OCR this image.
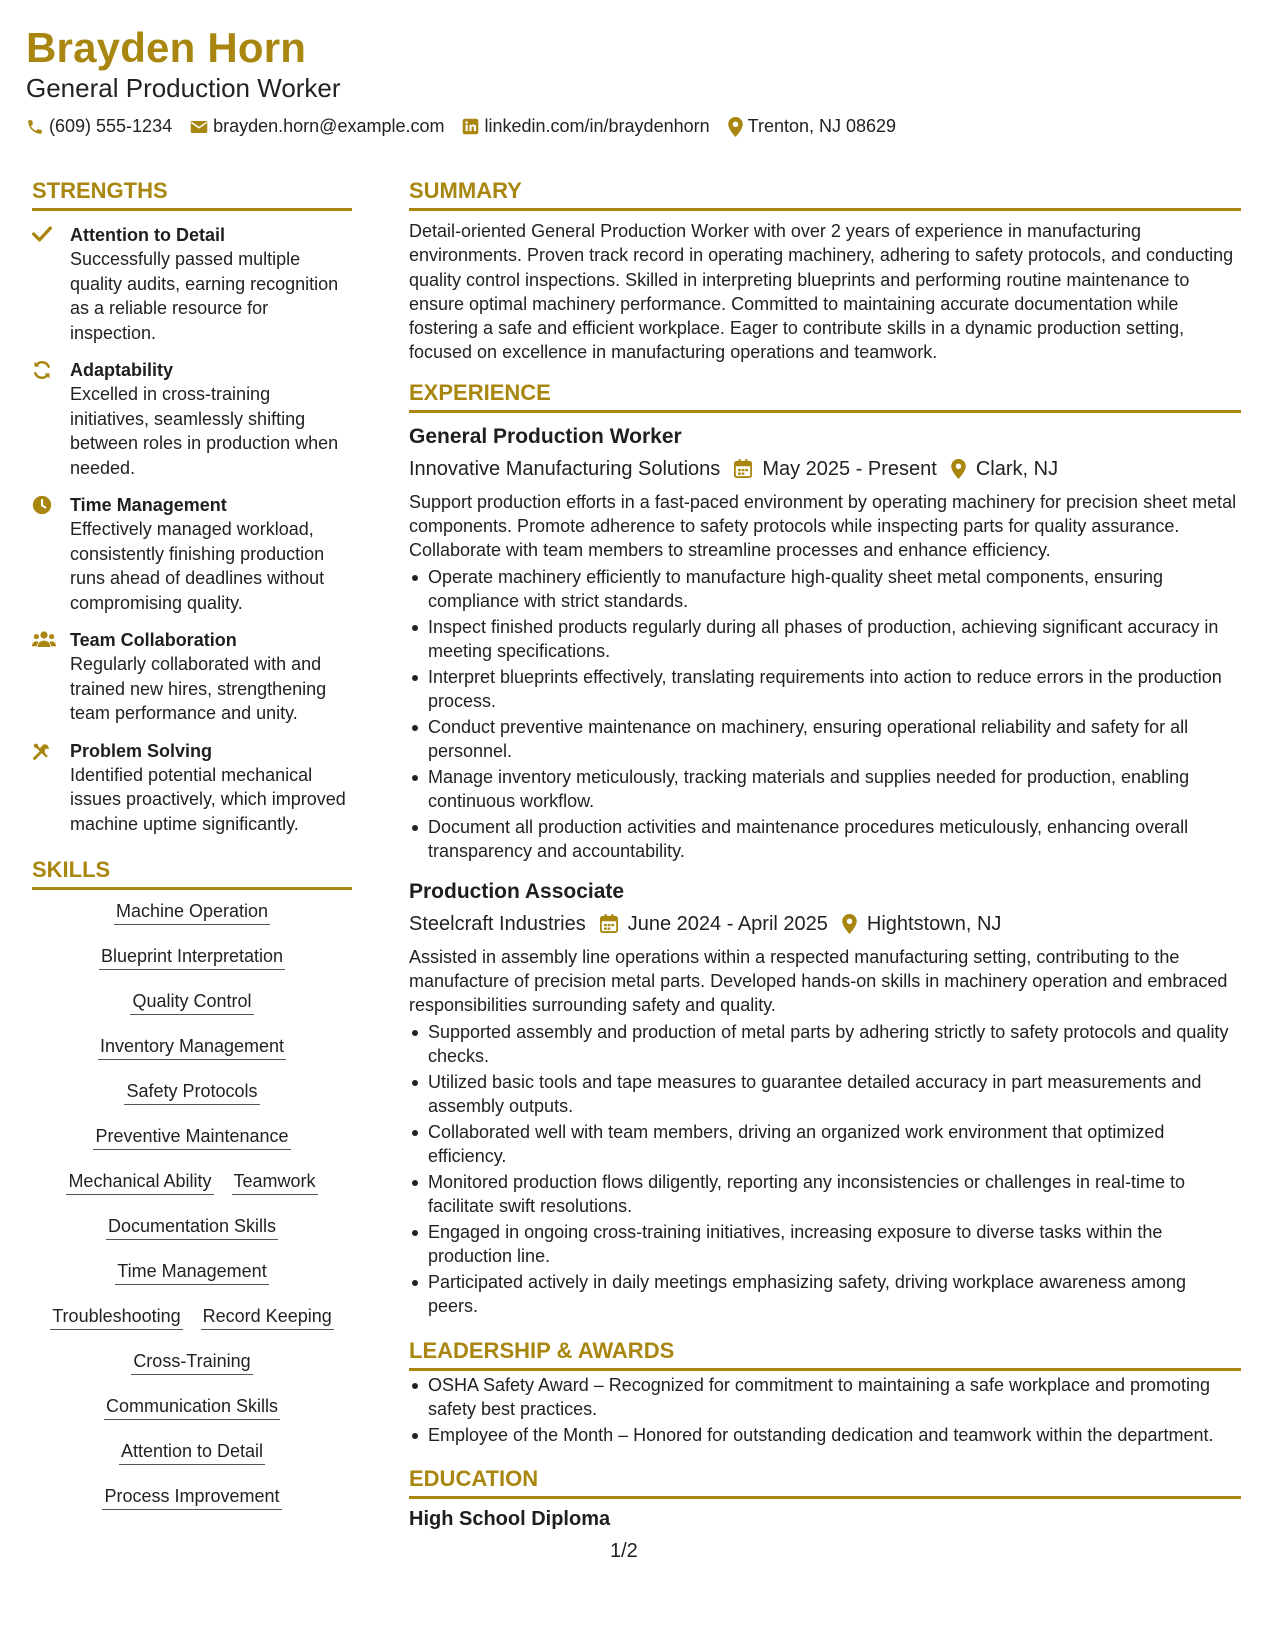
Brayden Horn
General Production Worker
(609) 555-1234 brayden.horn@example.com linkedin.com/in/braydenhorn Trenton, NJ 08629
STRENGTHS
Attention to Detail
Successfully passed multiple quality audits, earning recognition as a reliable resource for inspection.
Adaptability
Excelled in cross-training initiatives, seamlessly shifting between roles in production when needed.
Time Management
Effectively managed workload, consistently finishing production runs ahead of deadlines without compromising quality.
Team Collaboration
Regularly collaborated with and trained new hires, strengthening team performance and unity.
Problem Solving
Identified potential mechanical issues proactively, which improved machine uptime significantly.
SKILLS
Machine Operation
Blueprint Interpretation
Quality Control
Inventory Management
Safety Protocols
Preventive Maintenance
Mechanical Ability Teamwork
Documentation Skills
Time Management
Troubleshooting Record Keeping
Cross-Training
Communication Skills
Attention to Detail
Process Improvement
SUMMARY
Detail-oriented General Production Worker with over 2 years of experience in manufacturing environments. Proven track record in operating machinery, adhering to safety protocols, and conducting quality control inspections. Skilled in interpreting blueprints and performing routine maintenance to ensure optimal machinery performance. Committed to maintaining accurate documentation while fostering a safe and efficient workplace. Eager to contribute skills in a dynamic production setting, focused on excellence in manufacturing operations and teamwork.
EXPERIENCE
General Production Worker
Innovative Manufacturing Solutions May 2025 - Present Clark, NJ
Support production efforts in a fast-paced environment by operating machinery for precision sheet metal components. Promote adherence to safety protocols while inspecting parts for quality assurance. Collaborate with team members to streamline processes and enhance efficiency.
Operate machinery efficiently to manufacture high-quality sheet metal components, ensuring compliance with strict standards.
Inspect finished products regularly during all phases of production, achieving significant accuracy in meeting specifications.
Interpret blueprints effectively, translating requirements into action to reduce errors in the production process.
Conduct preventive maintenance on machinery, ensuring operational reliability and safety for all personnel.
Manage inventory meticulously, tracking materials and supplies needed for production, enabling continuous workflow.
Document all production activities and maintenance procedures meticulously, enhancing overall transparency and accountability.
Production Associate
Steelcraft Industries June 2024 - April 2025 Hightstown, NJ
Assisted in assembly line operations within a respected manufacturing setting, contributing to the manufacture of precision metal parts. Developed hands-on skills in machinery operation and embraced responsibilities surrounding safety and quality.
Supported assembly and production of metal parts by adhering strictly to safety protocols and quality checks.
Utilized basic tools and tape measures to guarantee detailed accuracy in part measurements and assembly outputs.
Collaborated well with team members, driving an organized work environment that optimized efficiency.
Monitored production flows diligently, reporting any inconsistencies or challenges in real-time to facilitate swift resolutions.
Engaged in ongoing cross-training initiatives, increasing exposure to diverse tasks within the production line.
Participated actively in daily meetings emphasizing safety, driving workplace awareness among peers.
LEADERSHIP & AWARDS
OSHA Safety Award – Recognized for commitment to maintaining a safe workplace and promoting safety best practices.
Employee of the Month – Honored for outstanding dedication and teamwork within the department.
EDUCATION
High School Diploma
1/2
